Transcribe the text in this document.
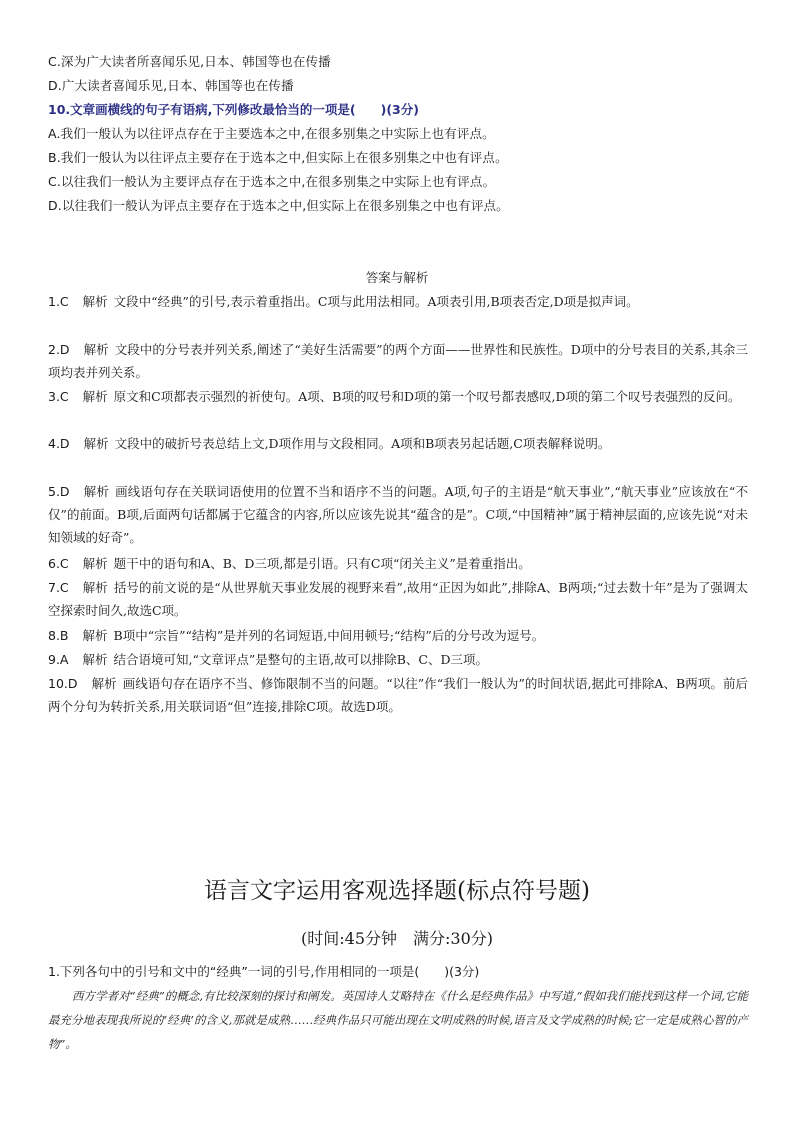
C.深为广大读者所喜闻乐见,日本、韩国等也在传播
D.广大读者喜闻乐见,日本、韩国等也在传播
10.文章画横线的句子有语病,下列修改最恰当的一项是(　　)(3分)
A.我们一般认为以往评点存在于主要选本之中,在很多别集之中实际上也有评点。
B.我们一般认为以往评点主要存在于选本之中,但实际上在很多别集之中也有评点。
C.以往我们一般认为主要评点存在于选本之中,在很多别集之中实际上也有评点。
D.以往我们一般认为评点主要存在于选本之中,但实际上在很多别集之中也有评点。
答案与解析
1.C 解析 文段中“经典”的引号,表示着重指出。C项与此用法相同。A项表引用,B项表否定,D项是拟声词。
2.D 解析 文段中的分号表并列关系,阐述了“美好生活需要”的两个方面——世界性和民族性。D项中的分号表目的关系,其余三项均表并列关系。
3.C 解析 原文和C项都表示强烈的祈使句。A项、B项的叹号和D项的第一个叹号都表感叹,D项的第二个叹号表强烈的反问。
4.D 解析 文段中的破折号表总结上文,D项作用与文段相同。A项和B项表另起话题,C项表解释说明。
5.D 解析 画线语句存在关联词语使用的位置不当和语序不当的问题。A项,句子的主语是“航天事业”,“航天事业”应该放在“不仅”的前面。B项,后面两句话都属于它蕴含的内容,所以应该先说其“蕴含的是”。C项,“中国精神”属于精神层面的,应该先说“对未知领域的好奇”。
6.C 解析 题干中的语句和A、B、D三项,都是引语。只有C项“闭关主义”是着重指出。
7.C 解析 括号的前文说的是“从世界航天事业发展的视野来看”,故用“正因为如此”,排除A、B两项;“过去数十年”是为了强调太空探索时间久,故选C项。
8.B 解析 B项中“宗旨”“结构”是并列的名词短语,中间用顿号;“结构”后的分号改为逗号。
9.A 解析 结合语境可知,“文章评点”是整句的主语,故可以排除B、C、D三项。
10.D 解析 画线语句存在语序不当、修饰限制不当的问题。“以往”作“我们一般认为”的时间状语,据此可排除A、B两项。前后两个分句为转折关系,用关联词语“但”连接,排除C项。故选D项。
语言文字运用客观选择题(标点符号题)
(时间:45分钟　满分:30分)
1.下列各句中的引号和文中的“经典”一词的引号,作用相同的一项是(　　)(3分)
西方学者对“经典”的概念,有比较深刻的探讨和阐发。英国诗人艾略特在《什么是经典作品》中写道,“假如我们能找到这样一个词,它能最充分地表现我所说的‘经典’的含义,那就是成熟……经典作品只可能出现在文明成熟的时候,语言及文学成熟的时候;它一定是成熟心智的产物”。
